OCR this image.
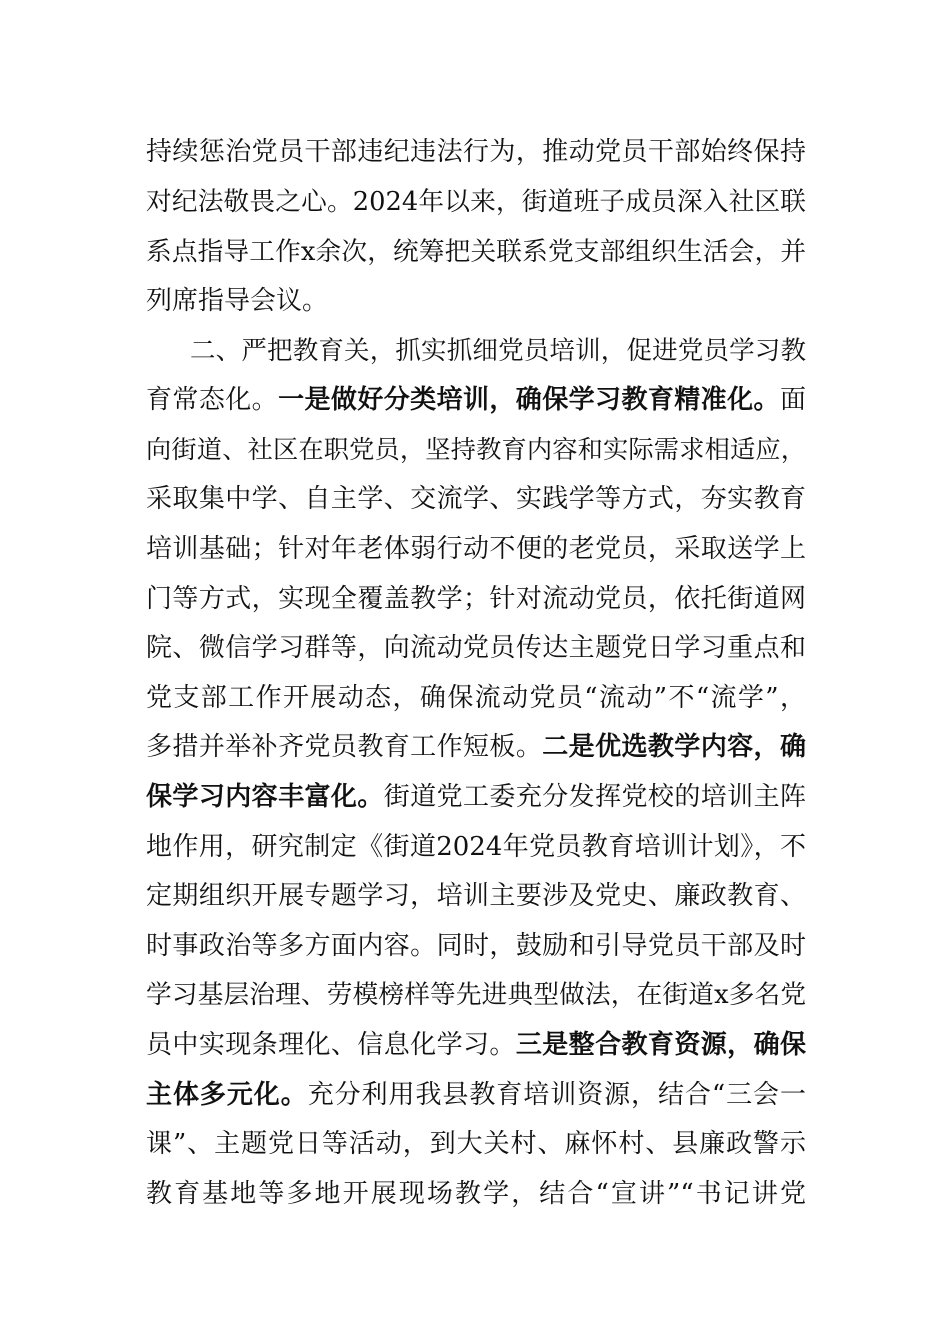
持续惩治党员干部违纪违法行为，推动党员干部始终保持
对纪法敬畏之心。2024年以来，街道班子成员深入社区联
系点指导工作x余次，统筹把关联系党支部组织生活会，并
列席指导会议。
二、严把教育关，抓实抓细党员培训，促进党员学习教
育常态化。一是做好分类培训，确保学习教育精准化。面
向街道、社区在职党员，坚持教育内容和实际需求相适应，
采取集中学、自主学、交流学、实践学等方式，夯实教育
培训基础；针对年老体弱行动不便的老党员，采取送学上
门等方式，实现全覆盖教学；针对流动党员，依托街道网
院、微信学习群等，向流动党员传达主题党日学习重点和
党支部工作开展动态，确保流动党员“流动”不“流学”，
多措并举补齐党员教育工作短板。二是优选教学内容，确
保学习内容丰富化。街道党工委充分发挥党校的培训主阵
地作用，研究制定《街道2024年党员教育培训计划》，不
定期组织开展专题学习，培训主要涉及党史、廉政教育、
时事政治等多方面内容。同时，鼓励和引导党员干部及时
学习基层治理、劳模榜样等先进典型做法，在街道x多名党
员中实现条理化、信息化学习。三是整合教育资源，确保
主体多元化。充分利用我县教育培训资源，结合“三会一
课”、主题党日等活动，到大关村、麻怀村、县廉政警示
教育基地等多地开展现场教学，结合“宣讲”“书记讲党
